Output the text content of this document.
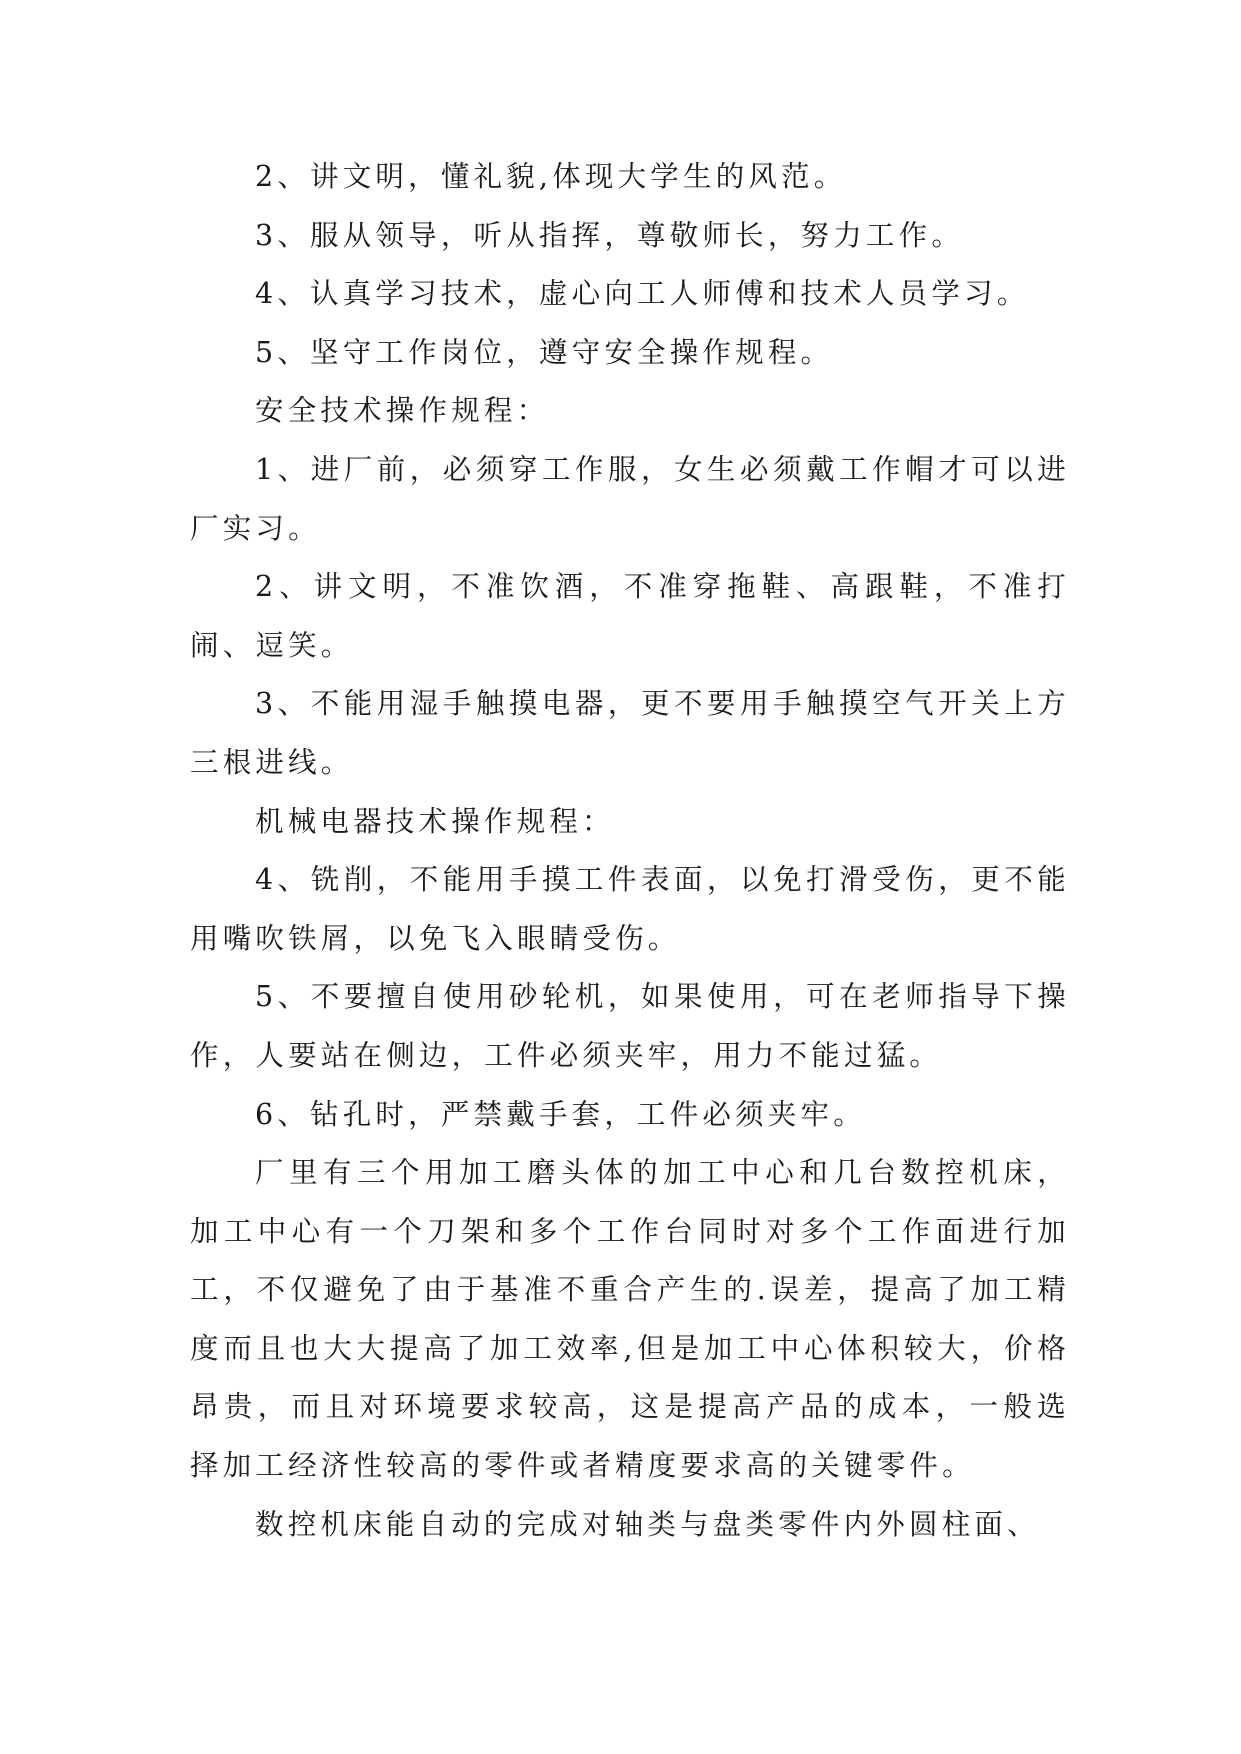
2、讲文明，懂礼貌,体现大学生的风范。

3、服从领导，听从指挥，尊敬师长，努力工作。

4、认真学习技术，虚心向工人师傅和技术人员学习。

5、坚守工作岗位，遵守安全操作规程。

安全技术操作规程：

1、进厂前，必须穿工作服，女生必须戴工作帽才可以进厂实习。

2、讲文明，不准饮酒，不准穿拖鞋、高跟鞋，不准打闹、逗笑。

3、不能用湿手触摸电器，更不要用手触摸空气开关上方三根进线。

机械电器技术操作规程：

4、铣削，不能用手摸工件表面，以免打滑受伤，更不能用嘴吹铁屑，以免飞入眼睛受伤。

5、不要擅自使用砂轮机，如果使用，可在老师指导下操作，人要站在侧边，工件必须夹牢，用力不能过猛。

6、钻孔时，严禁戴手套，工件必须夹牢。

厂里有三个用加工磨头体的加工中心和几台数控机床，加工中心有一个刀架和多个工作台同时对多个工作面进行加工，不仅避免了由于基准不重合产生的.误差，提高了加工精度而且也大大提高了加工效率,但是加工中心体积较大，价格昂贵，而且对环境要求较高，这是提高产品的成本，一般选择加工经济性较高的零件或者精度要求高的关键零件。

数控机床能自动的完成对轴类与盘类零件内外圆柱面、
